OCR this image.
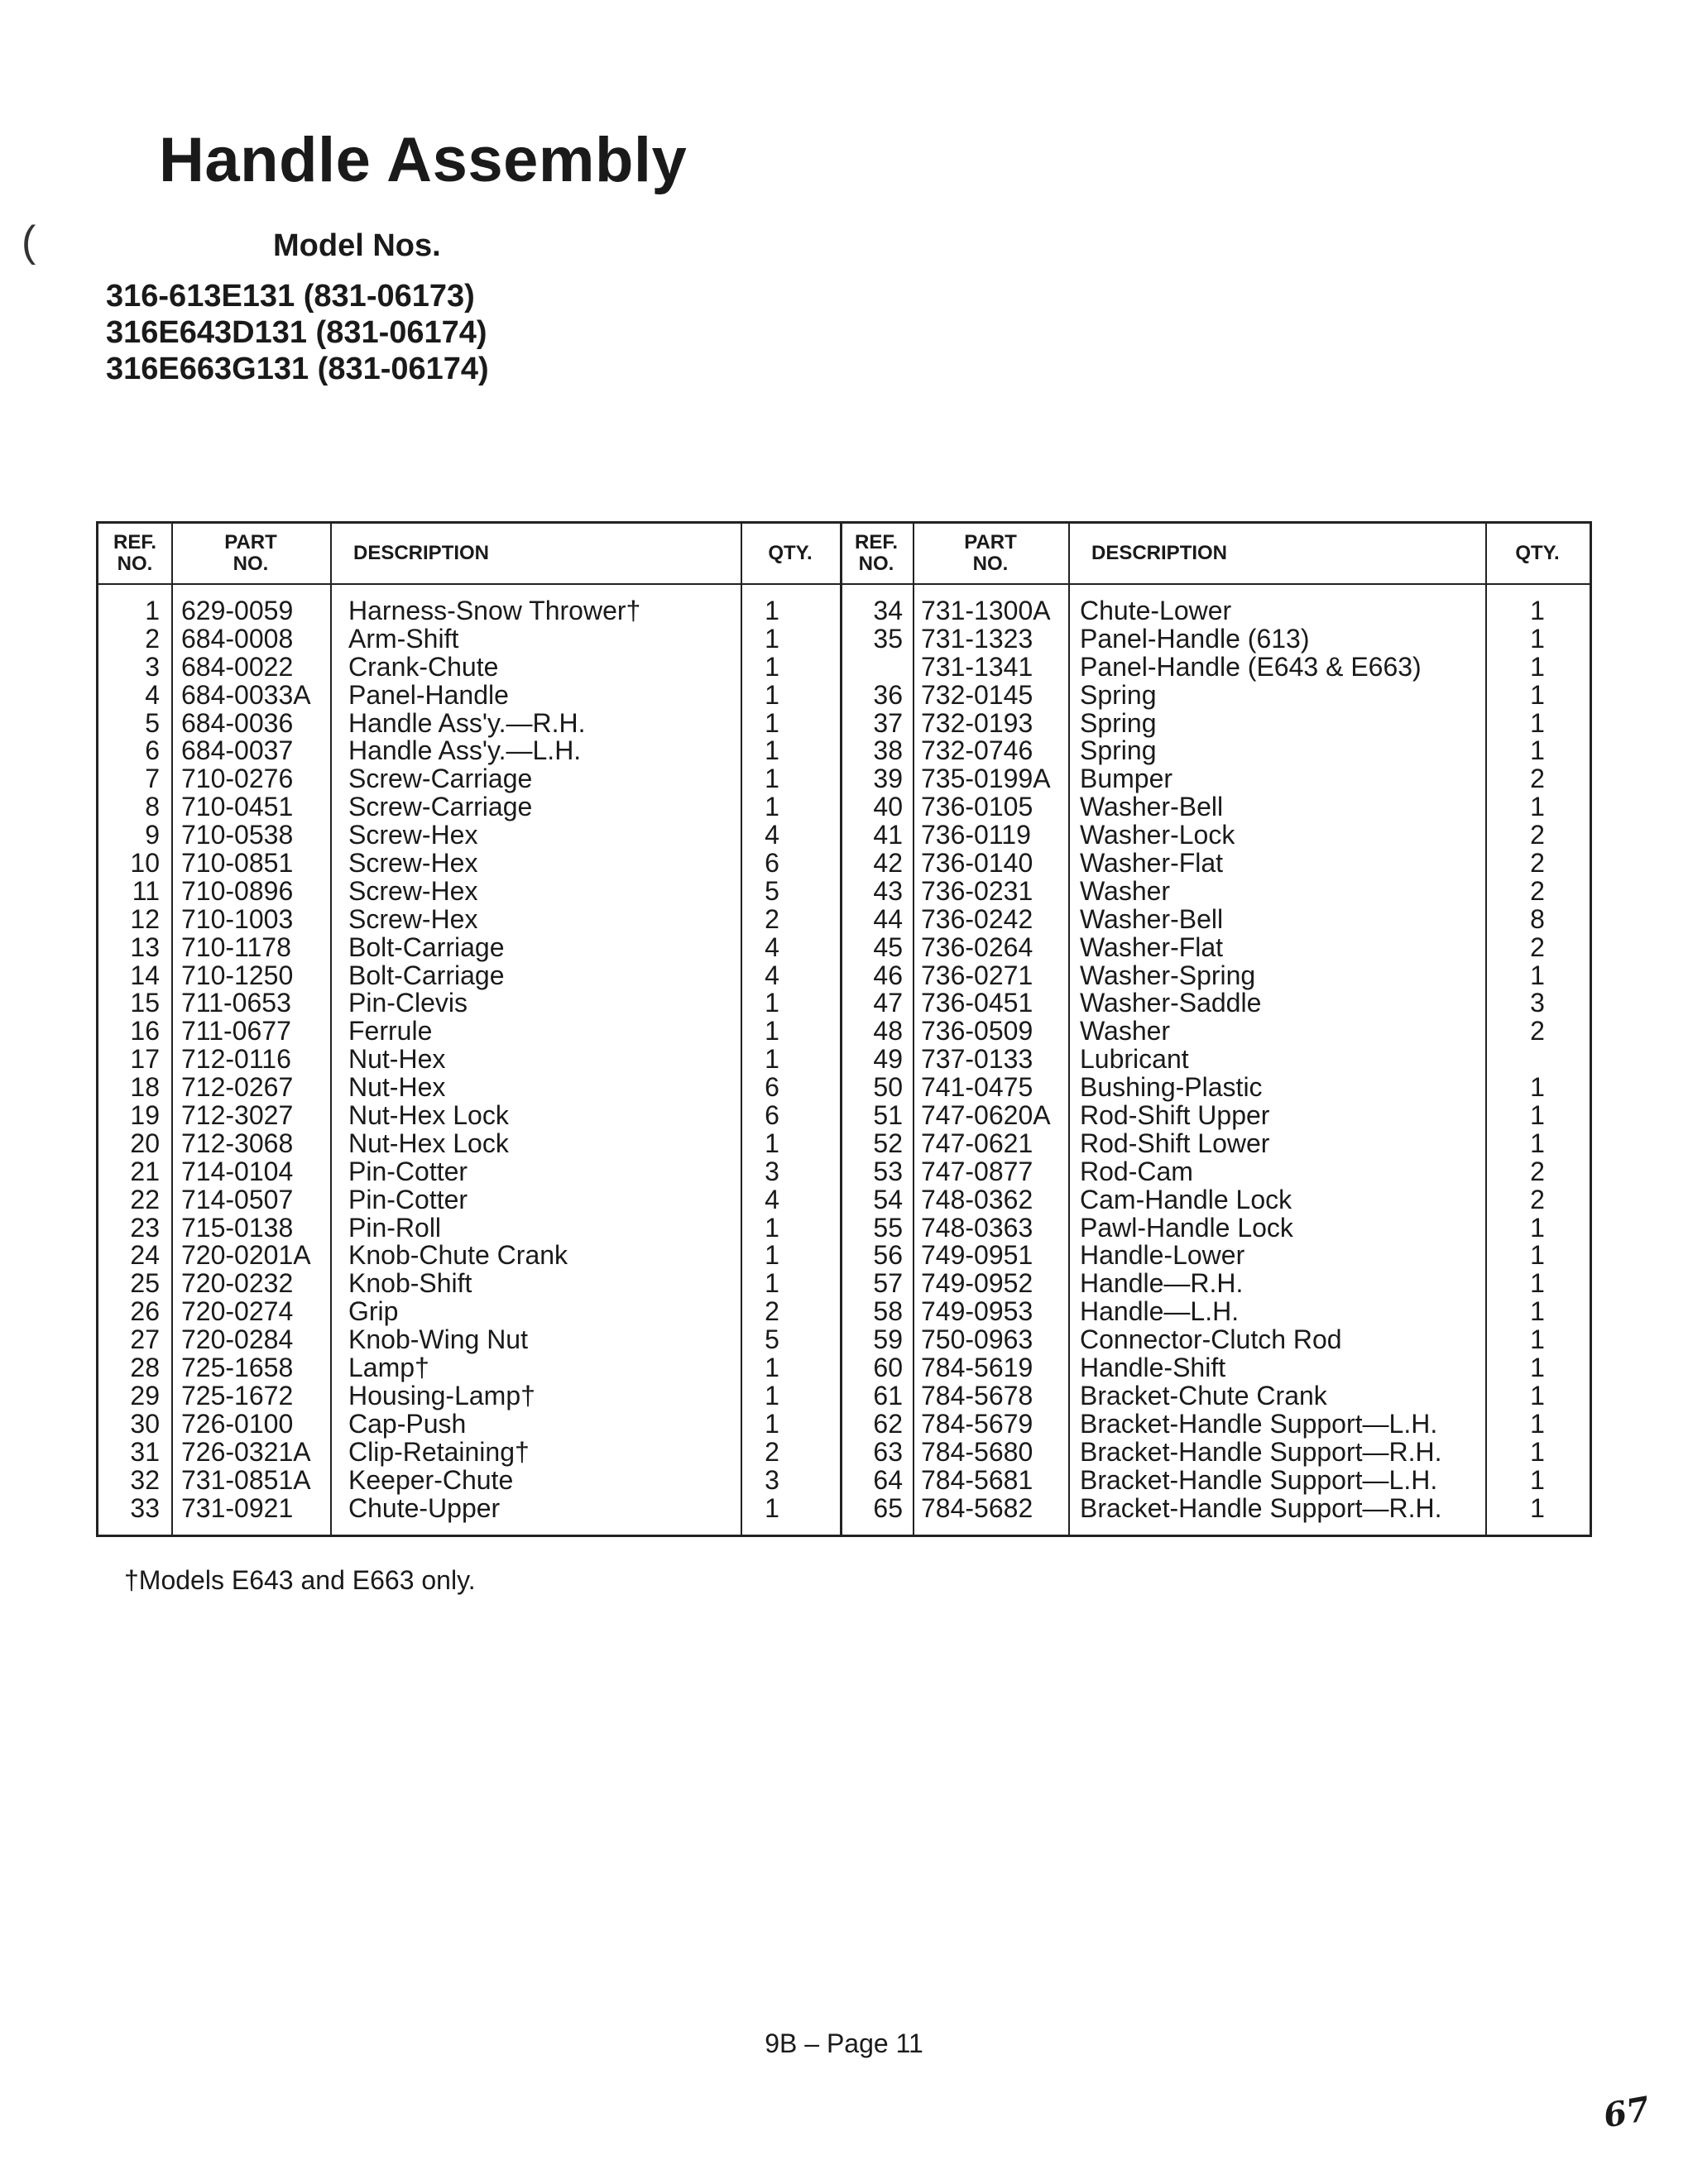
Handle Assembly
(	Model Nos.
316-613E131 (831-06173)
316E643D131 (831-06174)
316E663G131 (831-06174)
REF.
NO.
PART
NO.	DESCRIPTION	QTY.	REF.
NO.
PART
NO.	DESCRIPTION	QTY.
1 629-0059	Harness-Snow Thrower†	1	34 731-1300A	Chute-Lower	1
2 684-0008	Arm-Shift	1	35 731-1323	Panel-Handle (613)	1
3 684-0022	Crank-Chute	1	731-1341	Panel-Handle (E643 & E663)	1
4 684-0033A	Panel-Handle	1	36 732-0145	Spring	1
5 684-0036	Handle Ass'y.—R.H.	1	37 732-0193	Spring	1
6 684-0037	Handle Ass'y.—L.H.	1	38 732-0746	Spring	1
7 710-0276	Screw-Carriage	1	39 735-0199A	Bumper	2
8 710-0451	Screw-Carriage	1	40 736-0105	Washer-Bell	1
9 710-0538	Screw-Hex	4	41 736-0119	Washer-Lock	2
10 710-0851	Screw-Hex	6	42 736-0140	Washer-Flat	2
11 710-0896	Screw-Hex	5	43 736-0231	Washer	2
12 710-1003	Screw-Hex	2	44 736-0242	Washer-Bell	8
13 710-1178	Bolt-Carriage	4	45 736-0264	Washer-Flat	2
14 710-1250	Bolt-Carriage	4	46 736-0271	Washer-Spring	1
15 711-0653	Pin-Clevis	1	47 736-0451	Washer-Saddle	3
16 711-0677	Ferrule	1	48 736-0509	Washer	2
17 712-0116	Nut-Hex	1	49 737-0133	Lubricant
18 712-0267	Nut-Hex	6	50 741-0475	Bushing-Plastic	1
19 712-3027	Nut-Hex Lock	6	51 747-0620A	Rod-Shift Upper	1
20 712-3068	Nut-Hex Lock	1	52 747-0621	Rod-Shift Lower	1
21 714-0104	Pin-Cotter	3	53 747-0877	Rod-Cam	2
22 714-0507	Pin-Cotter	4	54 748-0362	Cam-Handle Lock	2
23 715-0138	Pin-Roll	1	55 748-0363	Pawl-Handle Lock	1
24 720-0201A	Knob-Chute Crank	1	56 749-0951	Handle-Lower	1
25 720-0232	Knob-Shift	1	57 749-0952	Handle—R.H.	1
26 720-0274	Grip	2	58 749-0953	Handle—L.H.	1
27 720-0284	Knob-Wing Nut	5	59 750-0963	Connector-Clutch Rod	1
28 725-1658	Lamp†	1	60 784-5619	Handle-Shift	1
29 725-1672	Housing-Lamp†	1	61 784-5678	Bracket-Chute Crank	1
30 726-0100	Cap-Push	1	62 784-5679	Bracket-Handle Support—L.H.	1
31 726-0321A	Clip-Retaining†	2	63 784-5680	Bracket-Handle Support—R.H.	1
32 731-0851A	Keeper-Chute	3	64 784-5681	Bracket-Handle Support—L.H.	1
33 731-0921	Chute-Upper	1	65 784-5682	Bracket-Handle Support—R.H.	1
†Models E643 and E663 only.
9B – Page 11
67
